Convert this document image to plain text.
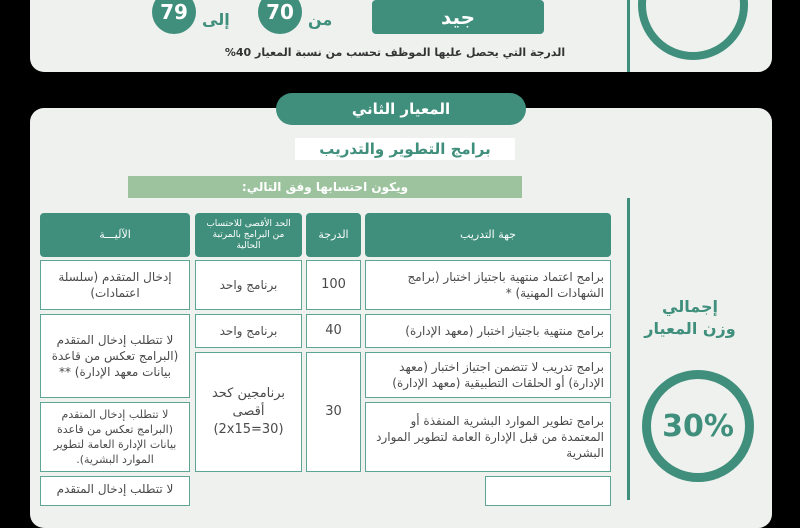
جيد
70 من
79 إلى
الدرجة التي يحصل عليها الموظف تحسب من نسبة المعيار 40%
المعيار الثاني
برامج التطوير والتدريب
ويكون احتسابها وفق التالي:
إجمالي
وزن المعيار
30%
جهة التدريب
الدرجة
الحد الأقصى للاحتساب من البرامج بالمرتبة الحالية
الآليـــة
برامج اعتماد منتهية باجتياز اختبار (برامج الشهادات المهنية) *
100
برنامج واحد
إدخال المتقدم (سلسلة اعتمادات)
برامج منتهية باجتياز اختبار (معهد الإدارة)
40
برنامج واحد
لا تتطلب إدخال المتقدم (البرامج تعكس من قاعدة بيانات معهد الإدارة) **	برامج تدريب لا تتضمن اجتياز اختبار (معهد الإدارة) أو الحلقات التطبيقية (معهد الإدارة)
30
برنامجين كحد أقصى (2x15=30)
برامج تطوير الموارد البشرية المنفذة أو المعتمدة من قبل الإدارة العامة لتطوير الموارد البشرية
لا تتطلب إدخال المتقدم (البرامج تعكس من قاعدة بيانات الإدارة العامة لتطوير الموارد البشرية).
لا تتطلب إدخال المتقدم
